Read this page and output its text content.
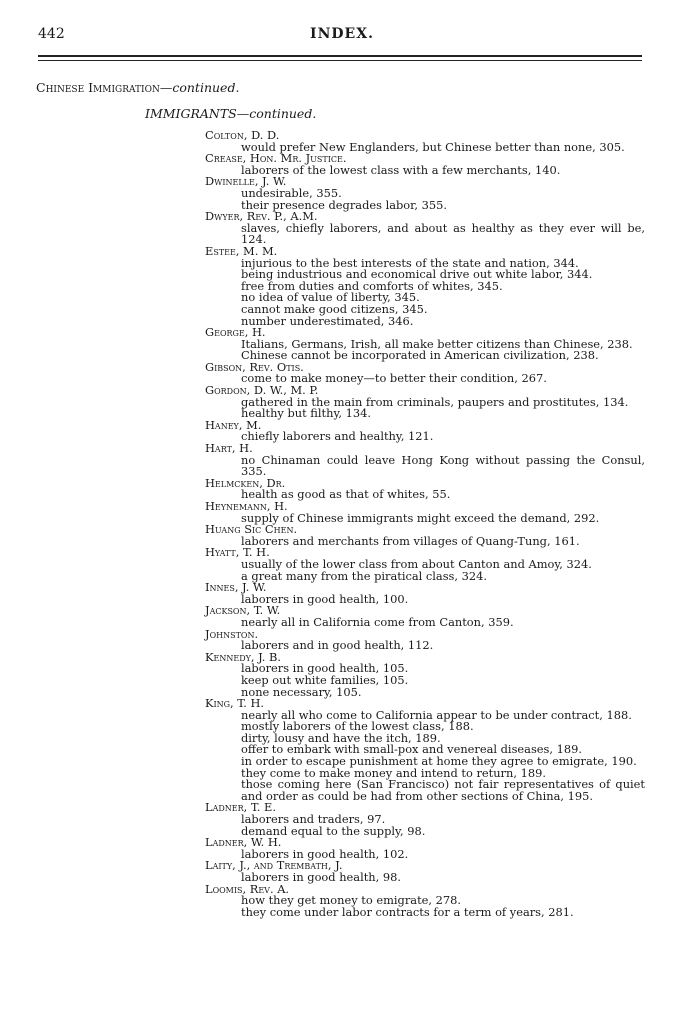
442	INDEX.
Chinese Immigration—continued.
IMMIGRANTS—continued.
Colton, D. D.
would prefer New Englanders, but Chinese better than none, 305.
Crease, Hon. Mr. Justice.
laborers of the lowest class with a few merchants, 140.
Dwinelle, J. W.
undesirable, 355.
their presence degrades labor, 355.
Dwyer, Rev. P., A.M.
slaves, chiefly laborers, and about as healthy as they ever will be, 124.
Estee, M. M.
injurious to the best interests of the state and nation, 344.
being industrious and economical drive out white labor, 344.
free from duties and comforts of whites, 345.
no idea of value of liberty, 345.
cannot make good citizens, 345.
number underestimated, 346.
George, H.
Italians, Germans, Irish, all make better citizens than Chinese, 238.
Chinese cannot be incorporated in American civilization, 238.
Gibson, Rev. Otis.
come to make money—to better their condition, 267.
Gordon, D. W., M. P.
gathered in the main from criminals, paupers and prostitutes, 134.
healthy but filthy, 134.
Haney, M.
chiefly laborers and healthy, 121.
Hart, H.
no Chinaman could leave Hong Kong without passing the Consul, 335.
Helmcken, Dr.
health as good as that of whites, 55.
Heynemann, H.
supply of Chinese immigrants might exceed the demand, 292.
Huang Sic Chen.
laborers and merchants from villages of Quang-Tung, 161.
Hyatt, T. H.
usually of the lower class from about Canton and Amoy, 324.
a great many from the piratical class, 324.
Innes, J. W.
laborers in good health, 100.
Jackson, T. W.
nearly all in California come from Canton, 359.
Johnston.
laborers and in good health, 112.
Kennedy, J. B.
laborers in good health, 105.
keep out white families, 105.
none necessary, 105.
King, T. H.
nearly all who come to California appear to be under contract, 188.
mostly laborers of the lowest class, 188.
dirty, lousy and have the itch, 189.
offer to embark with small-pox and venereal diseases, 189.
in order to escape punishment at home they agree to emigrate, 190.
they come to make money and intend to return, 189.
those coming here (San Francisco) not fair representatives of quiet and order as could be had from other sections of China, 195.
Ladner, T. E.
laborers and traders, 97.
demand equal to the supply, 98.
Ladner, W. H.
laborers in good health, 102.
Laity, J., and Trembath, J.
laborers in good health, 98.
Loomis, Rev. A.
how they get money to emigrate, 278.
they come under labor contracts for a term of years, 281.
